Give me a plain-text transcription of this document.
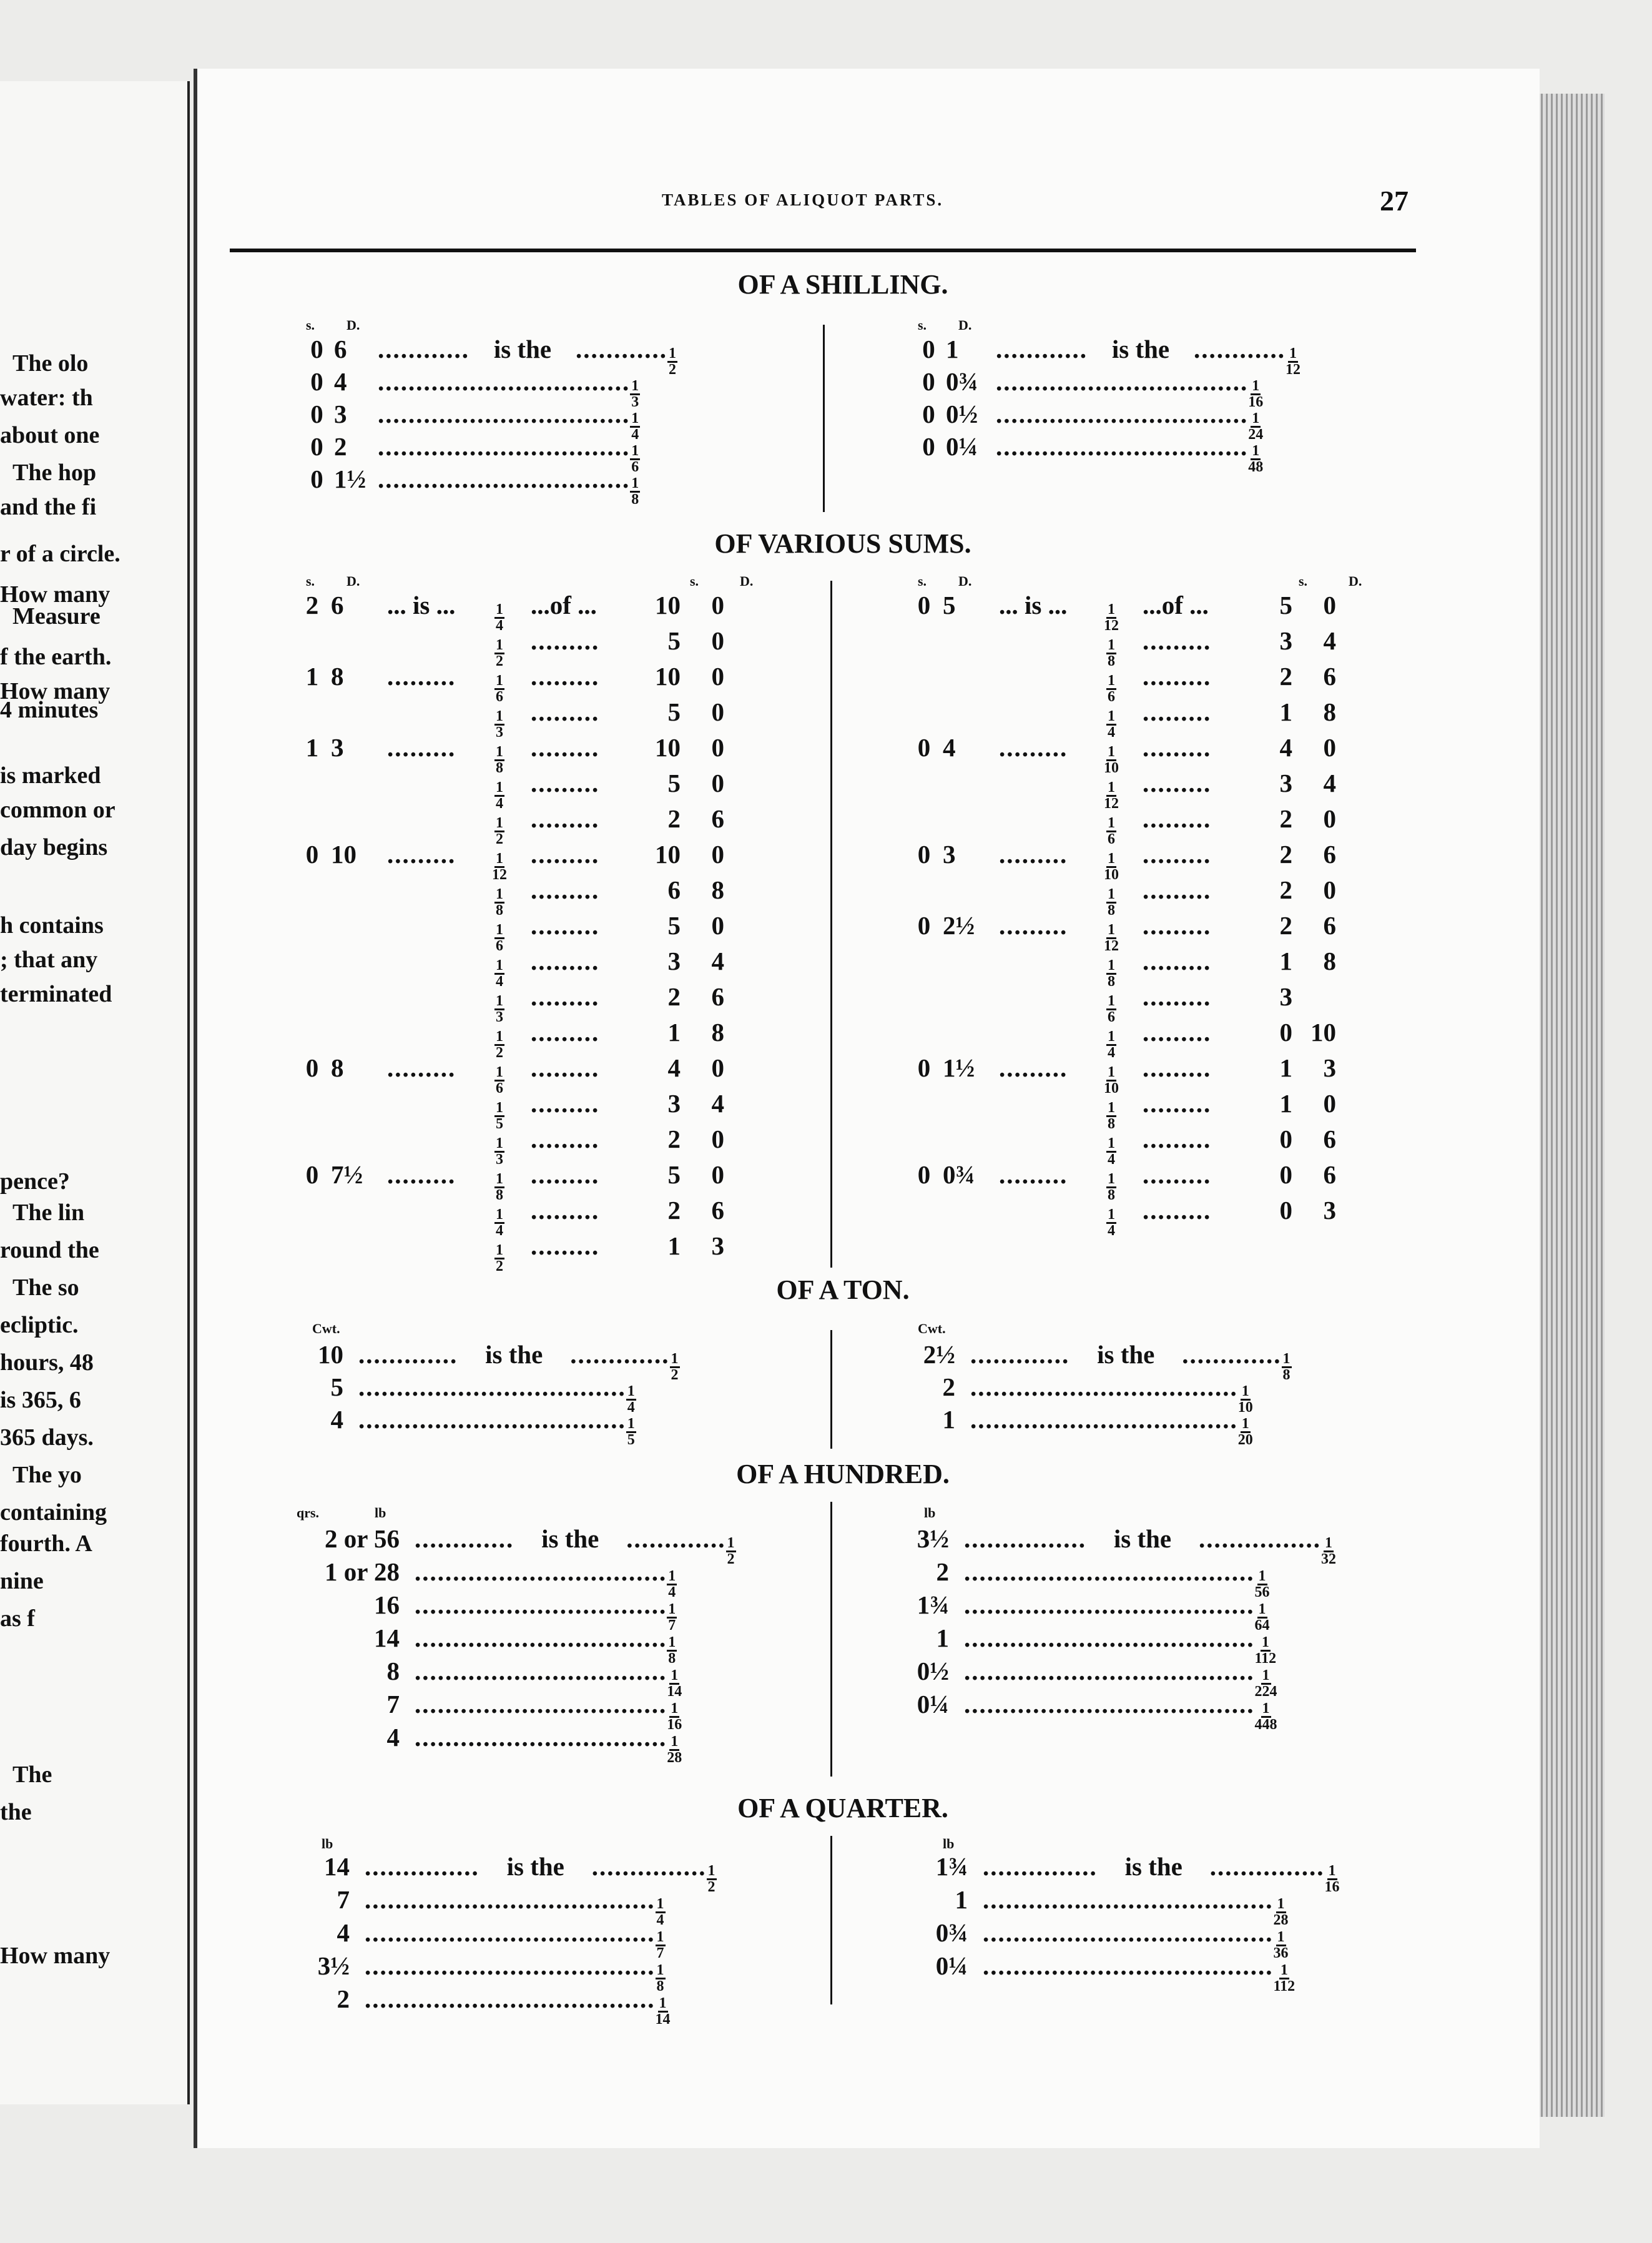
The olo
water: th
about one
The hop
and the fi
r of a circle.
How many
Measure
f the earth.
How many
4 minutes
is marked
common or
day begins
h contains
; that any
terminated
pence?
The lin
round the
The so
ecliptic.
hours, 48
is 365, 6
365 days.
The yo
containing
fourth. A
nine
as f
The
the
How many
TABLES OF ALIQUOT PARTS.	27
OF A SHILLING.
OF VARIOUS SUMS.
OF A TON.
OF A HUNDRED.
OF A QUARTER.
s. D.	s. D.
0 6	............ is the ............ $\frac{1}{2}$
0 4	................................. $\frac{1}{3}$
0 3	................................. $\frac{1}{4}$
0 2	................................. $\frac{1}{6}$
0 1½ ................................. $\frac{1}{8}$
0 1	............ is the ............ $\frac{1}{12}$
0 0¾ ................................. $\frac{1}{16}$
0 0½ ................................. $\frac{1}{24}$
0 0¼ ................................. $\frac{1}{48}$
s. D.	s.	D.	s. D.	s.	D.
2 6	... is ...	$\frac{1}{4} ...of$ ...	10	0
$\frac{1}{2}$ .........	5	0
1 8	.........	$\frac{1}{6}$ .........	10	0
$\frac{1}{3}$ .........	5	0
1 3	.........	$\frac{1}{8}$ .........	10	0
$\frac{1}{4}$ .........	5	0
$\frac{1}{2}$ .........	2	6
0 10	.........	$\frac{1}{12}$ .........	10	0
$\frac{1}{8}$ .........	6	8
$\frac{1}{6}$ .........	5	0
$\frac{1}{4}$ .........	3	4
$\frac{1}{3}$ .........	2	6
$\frac{1}{2}$ .........	1	8
0 8	.........	$\frac{1}{6}$ .........	4	0
$\frac{1}{5}$ .........	3	4
$\frac{1}{3}$ .........	2	0
0 7½ .........	$\frac{1}{8}$ .........	5	0
$\frac{1}{4}$ .........	2	6
$\frac{1}{2}$ .........	1	3
0 5	... is ...	$\frac{1}{12} ...of$ ...	5	0
$\frac{1}{8}$ .........	3	4
$\frac{1}{6}$ .........	2	6
$\frac{1}{4}$ .........	1	8
0 4	.........	$\frac{1}{10}$ .........	4	0
$\frac{1}{12}$ .........	3	4
$\frac{1}{6}$ .........	2	0
0 3	.........	$\frac{1}{10}$ .........	2	6
$\frac{1}{8}$ .........	2	0
0 2½ .........	$\frac{1}{12}$ .........	2	6
$\frac{1}{8}$ .........	1	8
$\frac{1}{6}$ .........	3
$\frac{1}{4}$ .........	0 10
0 1½ .........	$\frac{1}{10}$ .........	1	3
$\frac{1}{8}$ .........	1	0
$\frac{1}{4}$ .........	0	6
0 0¾ .........	$\frac{1}{8}$ .........	0	6
$\frac{1}{4}$ .........	0	3
Cwt.	Cwt.
10 .............	is the	............. $\frac{1}{2}$
5 ................................... $\frac{1}{4}$
4 ................................... $\frac{1}{5}$
2½ .............	is the	............. $\frac{1}{8}$
2 ................................... $\frac{1}{10}$
1 ................................... $\frac{1}{20}$
qrs.	lb	lb
2 or 56 .............	is the	............. $\frac{1}{2}$
1 or 28 ................................. $\frac{1}{4}$
16 ................................. $\frac{1}{7}$
14 ................................. $\frac{1}{8}$
8 ................................. $\frac{1}{14}$
7 ................................. $\frac{1}{16}$
4 ................................. $\frac{1}{28}$
3½ ................	is the	................ $\frac{1}{32}$
2 ...................................... $\frac{1}{56}$
1¾ ...................................... $\frac{1}{64}$
1 ...................................... $\frac{1}{112}$
0½ ...................................... $\frac{1}{224}$
0¼ ...................................... $\frac{1}{448}$
lb	lb
14 ...............	is the	............... $\frac{1}{2}$
7 ...................................... $\frac{1}{4}$
4 ...................................... $\frac{1}{7}$
3½ ...................................... $\frac{1}{8}$
2 ...................................... $\frac{1}{14}$
1¾ ...............	is the	............... $\frac{1}{16}$
1 ...................................... $\frac{1}{28}$
0¾ ...................................... $\frac{1}{36}$
0¼ ...................................... $\frac{1}{112}$
